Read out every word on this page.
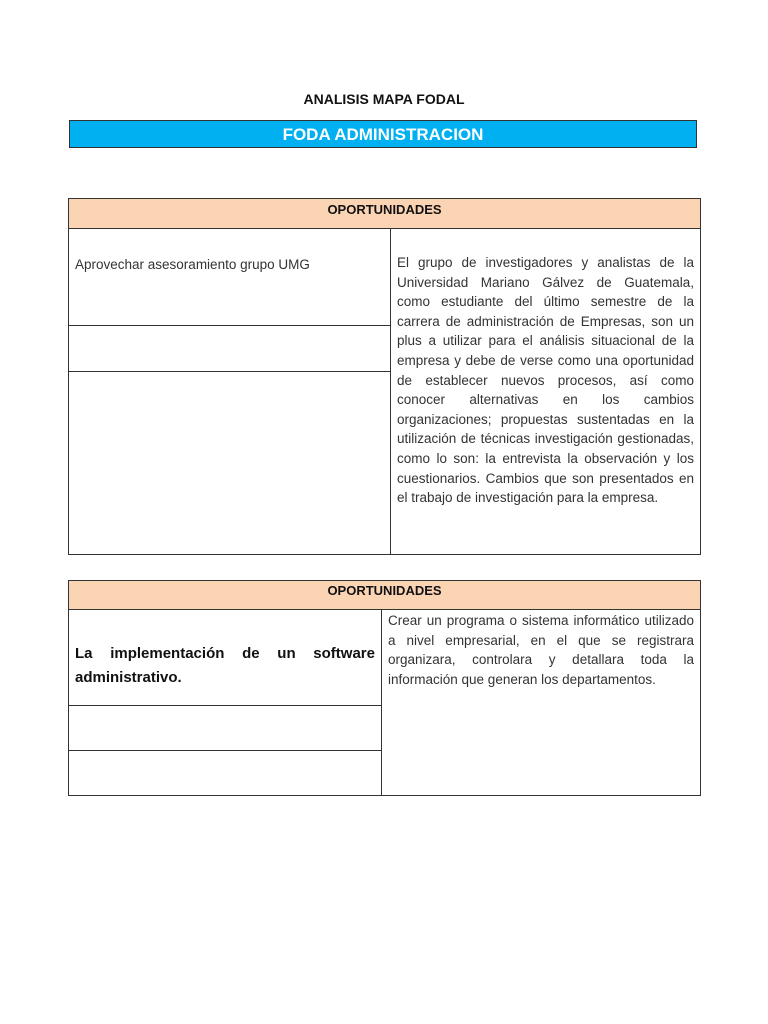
ANALISIS MAPA FODAL
FODA ADMINISTRACION
OPORTUNIDADES
Aprovechar asesoramiento grupo UMG	El grupo de investigadores y analistas de la Universidad Mariano Gálvez de Guatemala, como estudiante del último semestre de la carrera de administración de Empresas, son un plus a utilizar para el análisis situacional de la empresa y debe de verse como una oportunidad de establecer nuevos procesos, así como conocer alternativas en los cambios organizaciones; propuestas sustentadas en la utilización de técnicas investigación gestionadas, como lo son: la entrevista la observación y los cuestionarios. Cambios que son presentados en el trabajo de investigación para la empresa.

OPORTUNIDADES

La implementación de un software administrativo.

Crear un programa o sistema informático utilizado a nivel empresarial, en el que se registrara organizara, controlara y detallara toda la información que generan los departamentos.
